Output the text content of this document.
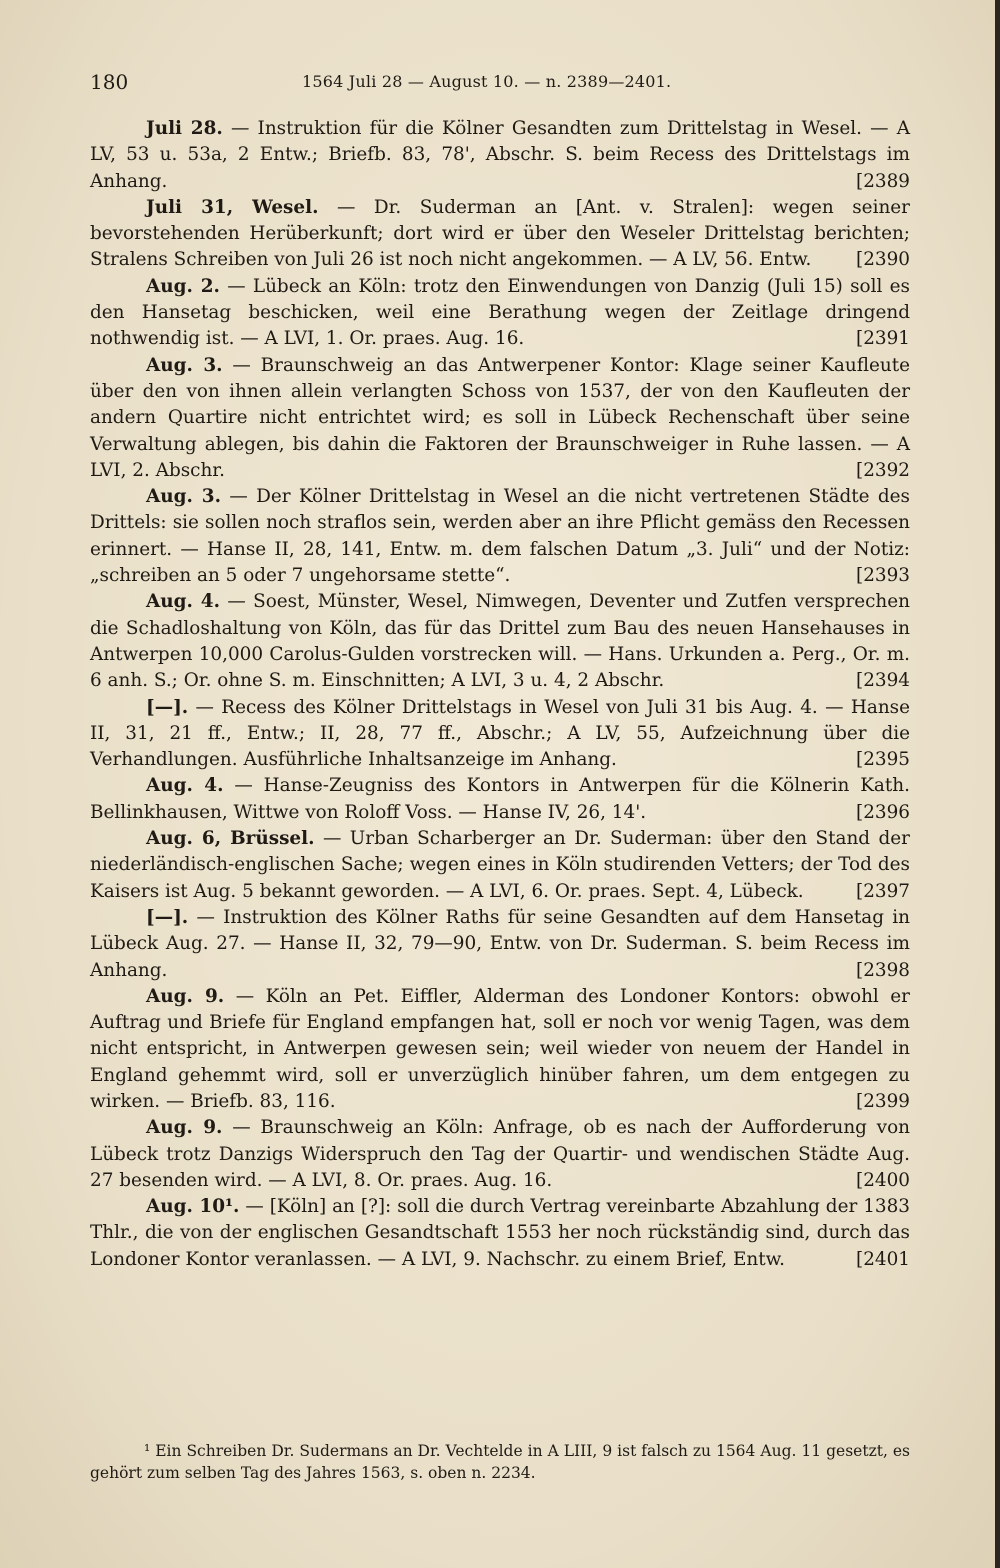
180	1564 Juli 28 — August 10. — n. 2389—2401.

Juli 28. — Instruktion für die Kölner Gesandten zum Drittelstag in Wesel. — A LV, 53 u. 53a, 2 Entw.; Briefb. 83, 78', Abschr. S. beim Recess des Drittelstags im Anhang.	[2389

Juli 31, Wesel. — Dr. Suderman an [Ant. v. Stralen]: wegen seiner bevorstehenden Herüberkunft; dort wird er über den Weseler Drittelstag berichten; Stralens Schreiben von Juli 26 ist noch nicht angekommen. — A LV, 56. Entw. [2390

Aug. 2. — Lübeck an Köln: trotz den Einwendungen von Danzig (Juli 15) soll es den Hansetag beschicken, weil eine Berathung wegen der Zeitlage dringend nothwendig ist. — A LVI, 1. Or. praes. Aug. 16.	[2391

Aug. 3. — Braunschweig an das Antwerpener Kontor: Klage seiner Kaufleute über den von ihnen allein verlangten Schoss von 1537, der von den Kaufleuten der andern Quartire nicht entrichtet wird; es soll in Lübeck Rechenschaft über seine Verwaltung ablegen, bis dahin die Faktoren der Braunschweiger in Ruhe lassen. — A LVI, 2. Abschr.	[2392

Aug. 3. — Der Kölner Drittelstag in Wesel an die nicht vertretenen Städte des Drittels: sie sollen noch straflos sein, werden aber an ihre Pflicht gemäss den Recessen erinnert. — Hanse II, 28, 141, Entw. m. dem falschen Datum „3. Juli“ und der Notiz: „schreiben an 5 oder 7 ungehorsame stette“.	[2393

Aug. 4. — Soest, Münster, Wesel, Nimwegen, Deventer und Zutfen versprechen die Schadloshaltung von Köln, das für das Drittel zum Bau des neuen Hansehauses in Antwerpen 10,000 Carolus-Gulden vorstrecken will. — Hans. Urkunden a. Perg., Or. m. 6 anh. S.; Or. ohne S. m. Einschnitten; A LVI, 3 u. 4, 2 Abschr.	[2394

[—]. — Recess des Kölner Drittelstags in Wesel von Juli 31 bis Aug. 4. — Hanse II, 31, 21 ff., Entw.; II, 28, 77 ff., Abschr.; A LV, 55, Aufzeichnung über die Verhandlungen. Ausführliche Inhaltsanzeige im Anhang.	[2395

Aug. 4. — Hanse-Zeugniss des Kontors in Antwerpen für die Kölnerin Kath. Bellinkhausen, Wittwe von Roloff Voss. — Hanse IV, 26, 14'.	[2396

Aug. 6, Brüssel. — Urban Scharberger an Dr. Suderman: über den Stand der niederländisch-englischen Sache; wegen eines in Köln studirenden Vetters; der Tod des Kaisers ist Aug. 5 bekannt geworden. — A LVI, 6. Or. praes. Sept. 4, Lübeck.	[2397

[—]. — Instruktion des Kölner Raths für seine Gesandten auf dem Hansetag in Lübeck Aug. 27. — Hanse II, 32, 79—90, Entw. von Dr. Suderman. S. beim Recess im Anhang.	[2398

Aug. 9. — Köln an Pet. Eiffler, Alderman des Londoner Kontors: obwohl er Auftrag und Briefe für England empfangen hat, soll er noch vor wenig Tagen, was dem nicht entspricht, in Antwerpen gewesen sein; weil wieder von neuem der Handel in England gehemmt wird, soll er unverzüglich hinüber fahren, um dem entgegen zu wirken. — Briefb. 83, 116.	[2399

Aug. 9. — Braunschweig an Köln: Anfrage, ob es nach der Aufforderung von Lübeck trotz Danzigs Widerspruch den Tag der Quartir- und wendischen Städte Aug. 27 besenden wird. — A LVI, 8. Or. praes. Aug. 16.	[2400

Aug. 10¹. — [Köln] an [?]: soll die durch Vertrag vereinbarte Abzahlung der 1383 Thlr., die von der englischen Gesandtschaft 1553 her noch rückständig sind, durch das Londoner Kontor veranlassen. — A LVI, 9. Nachschr. zu einem Brief, Entw.	[2401

¹ Ein Schreiben Dr. Sudermans an Dr. Vechtelde in A LIII, 9 ist falsch zu 1564 Aug. 11 gesetzt, es gehört zum selben Tag des Jahres 1563, s. oben n. 2234.
